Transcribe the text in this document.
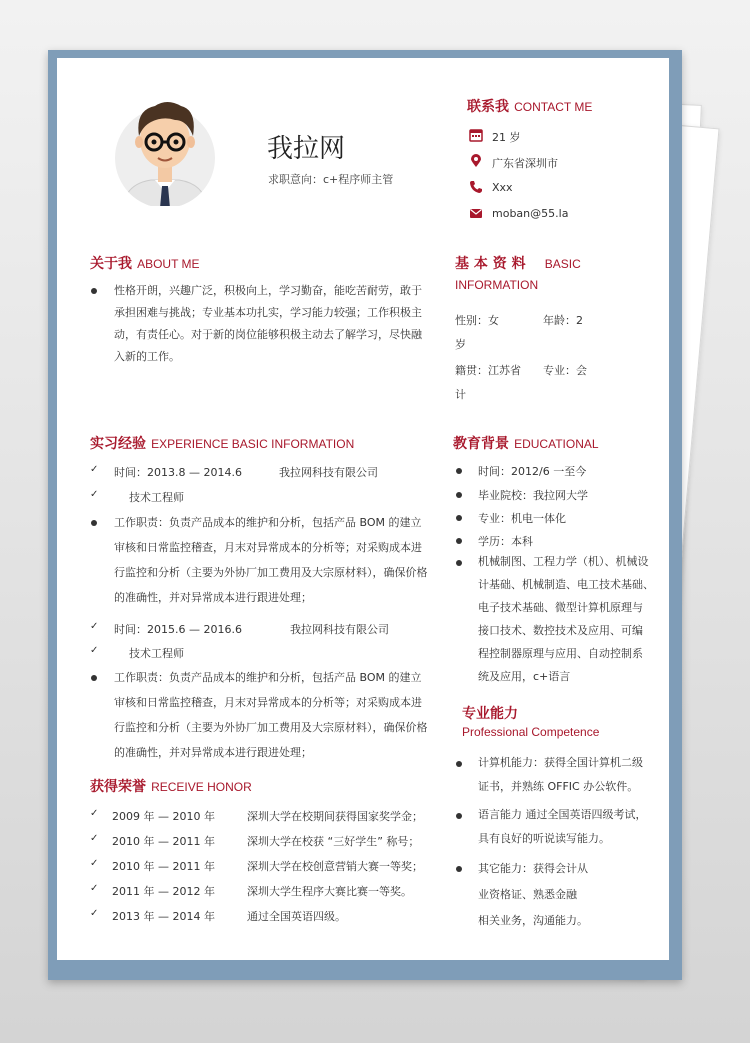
我拉网
求职意向：c+程序师主管
联系我 CONTACT ME
21 岁
广东省深圳市
Xxx
moban@55.la
关于我 ABOUT ME
性格开朗，兴趣广泛，积极向上，学习勤奋，能吃苦耐劳，敢于
承担困难与挑战；专业基本功扎实，学习能力较强；工作积极主
动，有责任心。对于新的岗位能够积极主动去了解学习，尽快融
入新的工作。
基 本 资 料 BASIC
INFORMATION
性别：女	年龄：2
岁
籍贯：江苏省 专业：会
计
实习经验 EXPERIENCE BASIC INFORMATION
✓ 时间：2013.8 — 2014.6	我拉网科技有限公司
✓	技术工程师
工作职责：负责产品成本的维护和分析，包括产品 BOM 的建立
审核和日常监控稽查，月末对异常成本的分析等；对采购成本进
行监控和分析（主要为外协厂加工费用及大宗原材料），确保价格
的准确性，并对异常成本进行跟进处理；
✓ 时间：2015.6 — 2016.6	我拉网科技有限公司
✓	技术工程师
工作职责：负责产品成本的维护和分析，包括产品 BOM 的建立
审核和日常监控稽查，月末对异常成本的分析等；对采购成本进
行监控和分析（主要为外协厂加工费用及大宗原材料），确保价格
的准确性，并对异常成本进行跟进处理；
获得荣誉 RECEIVE HONOR
✓ 2009 年 — 2010 年	深圳大学在校期间获得国家奖学金；
✓ 2010 年 — 2011 年	深圳大学在校获 “三好学生” 称号；
✓ 2010 年 — 2011 年	深圳大学在校创意营销大赛一等奖；
✓ 2011 年 — 2012 年	深圳大学生程序大赛比赛一等奖。
✓ 2013 年 — 2014 年	通过全国英语四级。
教育背景 EDUCATIONAL
时间：2012/6 一至今
毕业院校：我拉网大学
专业：机电一体化
学历：本科
机械制图、工程力学（机）、机械设
计基础、机械制造、电工技术基础、
电子技术基础、微型计算机原理与
接口技术、数控技术及应用、可编
程控制器原理与应用、自动控制系
统及应用，c+语言
专业能力
Professional Competence
计算机能力：获得全国计算机二级
证书，并熟练 OFFIC 办公软件。
语言能力 通过全国英语四级考试，
具有良好的听说读写能力。
其它能力：获得会计从
业资格证、熟悉金融
相关业务，沟通能力。
